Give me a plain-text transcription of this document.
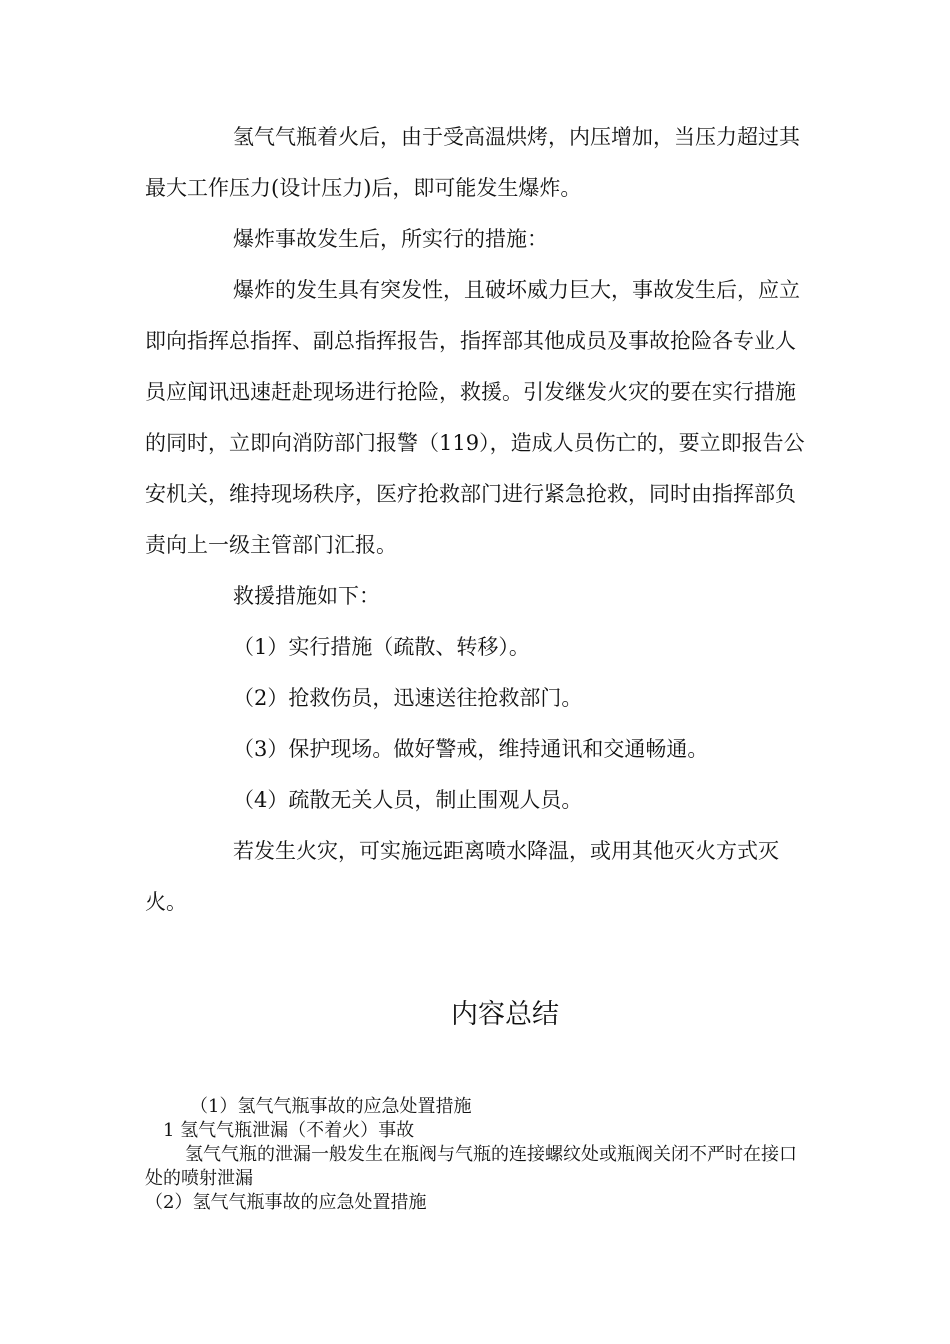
氢气气瓶着火后，由于受高温烘烤，内压增加，当压力超过其最大工作压力(设计压力)后，即可能发生爆炸。

爆炸事故发生后，所实行的措施：

爆炸的发生具有突发性，且破坏威力巨大，事故发生后，应立即向指挥总指挥、副总指挥报告，指挥部其他成员及事故抢险各专业人员应闻讯迅速赶赴现场进行抢险，救援。引发继发火灾的要在实行措施的同时，立即向消防部门报警（119），造成人员伤亡的，要立即报告公安机关，维持现场秩序，医疗抢救部门进行紧急抢救，同时由指挥部负责向上一级主管部门汇报。

救援措施如下：

（1）实行措施（疏散、转移）。

（2）抢救伤员，迅速送往抢救部门。

（3）保护现场。做好警戒，维持通讯和交通畅通。

（4）疏散无关人员，制止围观人员。

若发生火灾，可实施远距离喷水降温，或用其他灭火方式灭火。

内容总结

（1）氢气气瓶事故的应急处置措施

1 氢气气瓶泄漏（不着火）事故

氢气气瓶的泄漏一般发生在瓶阀与气瓶的连接螺纹处或瓶阀关闭不严时在接口处的喷射泄漏

（2）氢气气瓶事故的应急处置措施
